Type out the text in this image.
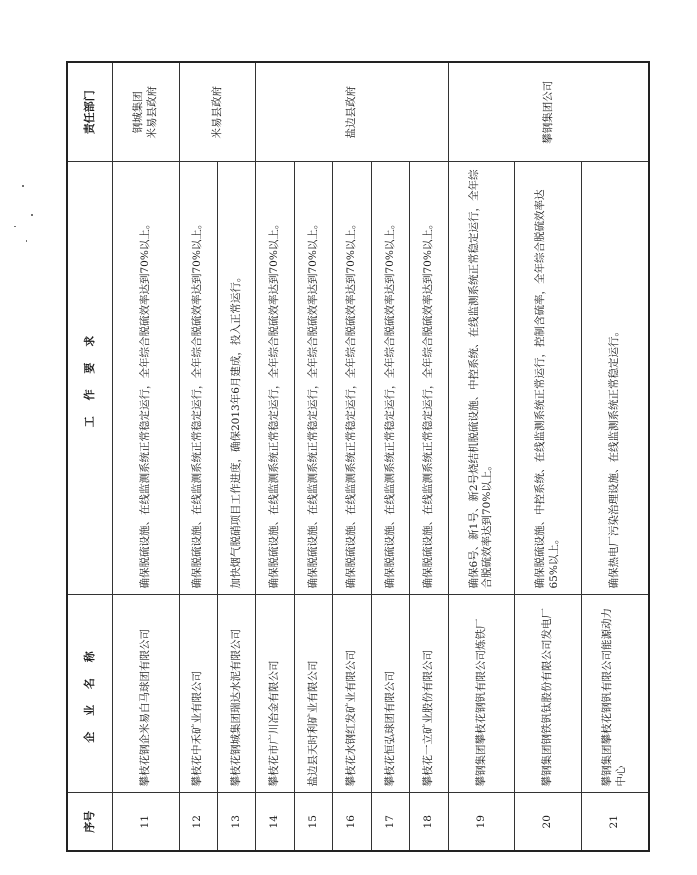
序号	企 业 名 称	工 作 要 求	责任部门
11	攀枝花钢企米易白马球团有限公司	确保脱硫设施、在线监测系统正常稳定运行，全年综合脱硫效率达到70%以上。	钢城集团
米易县政府
12	攀枝花中禾矿业有限公司	确保脱硫设施、在线监测系统正常稳定运行，全年综合脱硫效率达到70%以上。	米易县政府
13	攀枝花钢城集团瑞达水泥有限公司	加快烟气脱硝项目工作进度，确保2013年6月建成，投入正常运行。	
14	攀枝花市广川冶金有限公司	确保脱硫设施、在线监测系统正常稳定运行，全年综合脱硫效率达到70%以上。	盐边县政府
15	盐边县天时利矿业有限公司	确保脱硫设施、在线监测系统正常稳定运行，全年综合脱硫效率达到70%以上。	
16	攀枝花水钢红发矿业有限公司	确保脱硫设施、在线监测系统正常稳定运行，全年综合脱硫效率达到70%以上。	
17	攀枝花恒弘球团有限公司	确保脱硫设施、在线监测系统正常稳定运行，全年综合脱硫效率达到70%以上。	
18	攀枝花一立矿业股份有限公司	确保脱硫设施、在线监测系统正常稳定运行，全年综合脱硫效率达到70%以上。	
19	攀钢集团攀枝花钢钒有限公司炼铁厂	确保6号、新1号、新2号烧结机脱硫设施、中控系统、在线监测系统正常稳定运行，全年综合脱硫效率达到70%以上。	攀钢集团公司
20	攀钢集团钢铁钒钛股份有限公司发电厂	确保脱硫设施、中控系统、在线监测系统正常运行，控制含硫率，全年综合脱硫效率达65%以上。	
21	攀钢集团攀枝花钢钒有限公司能源动力中心	确保热电厂污染治理设施、在线监测系统正常稳定运行。	
